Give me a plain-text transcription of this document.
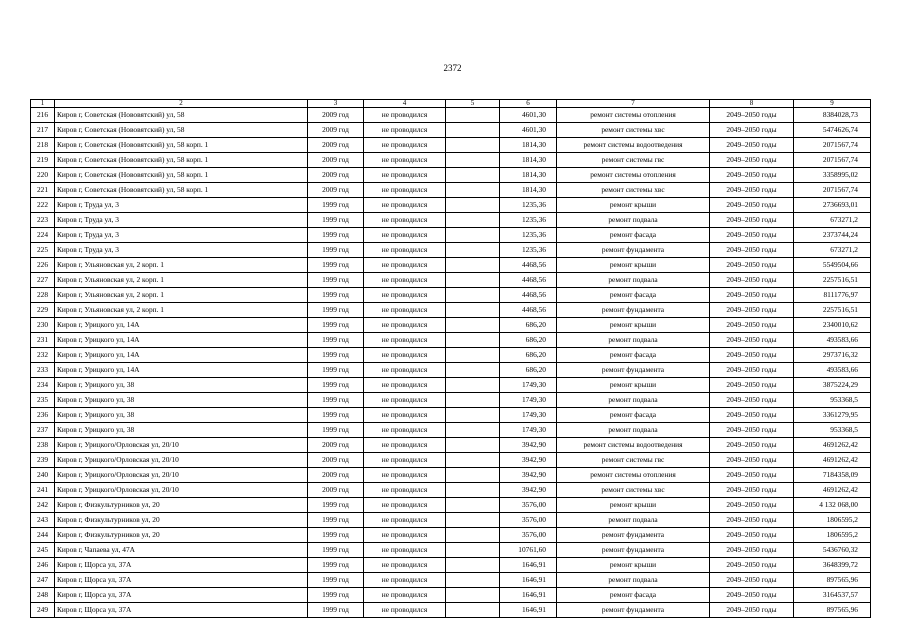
2372
1	2	3	4	5	6	7	8	9
216	Киров г, Советская (Нововятский) ул, 58	2009 год	не проводился		4601,30	ремонт системы отопления	2049–2050 годы	8384028,73
217	Киров г, Советская (Нововятский) ул, 58	2009 год	не проводился		4601,30	ремонт системы хвс	2049–2050 годы	5474626,74
218	Киров г, Советская (Нововятский) ул, 58 корп. 1	2009 год	не проводился		1814,30	ремонт системы водоотведения	2049–2050 годы	2071567,74
219	Киров г, Советская (Нововятский) ул, 58 корп. 1	2009 год	не проводился		1814,30	ремонт системы гвс	2049–2050 годы	2071567,74
220	Киров г, Советская (Нововятский) ул, 58 корп. 1	2009 год	не проводился		1814,30	ремонт системы отопления	2049–2050 годы	3358995,02
221	Киров г, Советская (Нововятский) ул, 58 корп. 1	2009 год	не проводился		1814,30	ремонт системы хвс	2049–2050 годы	2071567,74
222	Киров г, Труда ул, 3	1999 год	не проводился		1235,36	ремонт крыши	2049–2050 годы	2736693,01
223	Киров г, Труда ул, 3	1999 год	не проводился		1235,36	ремонт подвала	2049–2050 годы	673271,2
224	Киров г, Труда ул, 3	1999 год	не проводился		1235,36	ремонт фасада	2049–2050 годы	2373744,24
225	Киров г, Труда ул, 3	1999 год	не проводился		1235,36	ремонт фундамента	2049–2050 годы	673271,2
226	Киров г, Ульяновская ул, 2 корп. 1	1999 год	не проводился		4468,56	ремонт крыши	2049–2050 годы	5549504,66
227	Киров г, Ульяновская ул, 2 корп. 1	1999 год	не проводился		4468,56	ремонт подвала	2049–2050 годы	2257516,51
228	Киров г, Ульяновская ул, 2 корп. 1	1999 год	не проводился		4468,56	ремонт фасада	2049–2050 годы	8111776,97
229	Киров г, Ульяновская ул, 2 корп. 1	1999 год	не проводился		4468,56	ремонт фундамента	2049–2050 годы	2257516,51
230	Киров г, Урицкого ул, 14А	1999 год	не проводился		686,20	ремонт крыши	2049–2050 годы	2340010,62
231	Киров г, Урицкого ул, 14А	1999 год	не проводился		686,20	ремонт подвала	2049–2050 годы	493583,66
232	Киров г, Урицкого ул, 14А	1999 год	не проводился		686,20	ремонт фасада	2049–2050 годы	2973716,32
233	Киров г, Урицкого ул, 14А	1999 год	не проводился		686,20	ремонт фундамента	2049–2050 годы	493583,66
234	Киров г, Урицкого ул, 38	1999 год	не проводился		1749,30	ремонт крыши	2049–2050 годы	3875224,29
235	Киров г, Урицкого ул, 38	1999 год	не проводился		1749,30	ремонт подвала	2049–2050 годы	953368,5
236	Киров г, Урицкого ул, 38	1999 год	не проводился		1749,30	ремонт фасада	2049–2050 годы	3361279,95
237	Киров г, Урицкого ул, 38	1999 год	не проводился		1749,30	ремонт подвала	2049–2050 годы	953368,5
238	Киров г, Урицкого/Орловская ул, 20/10	2009 год	не проводился		3942,90	ремонт системы водоотведения	2049–2050 годы	4691262,42
239	Киров г, Урицкого/Орловская ул, 20/10	2009 год	не проводился		3942,90	ремонт системы гвс	2049–2050 годы	4691262,42
240	Киров г, Урицкого/Орловская ул, 20/10	2009 год	не проводился		3942,90	ремонт системы отопления	2049–2050 годы	7184358,09
241	Киров г, Урицкого/Орловская ул, 20/10	2009 год	не проводился		3942,90	ремонт системы хвс	2049–2050 годы	4691262,42
242	Киров г, Физкультурников ул, 20	1999 год	не проводился		3576,00	ремонт крыши	2049–2050 годы	4 132 068,00
243	Киров г, Физкультурников ул, 20	1999 год	не проводился		3576,00	ремонт подвала	2049–2050 годы	1806595,2
244	Киров г, Физкультурников ул, 20	1999 год	не проводился		3576,00	ремонт фундамента	2049–2050 годы	1806595,2
245	Киров г, Чапаева ул, 47А	1999 год	не проводился		10761,60	ремонт фундамента	2049–2050 годы	5436760,32
246	Киров г, Щорса ул, 37А	1999 год	не проводился		1646,91	ремонт крыши	2049–2050 годы	3648399,72
247	Киров г, Щорса ул, 37А	1999 год	не проводился		1646,91	ремонт подвала	2049–2050 годы	897565,96
248	Киров г, Щорса ул, 37А	1999 год	не проводился		1646,91	ремонт фасада	2049–2050 годы	3164537,57
249	Киров г, Щорса ул, 37А	1999 год	не проводился		1646,91	ремонт фундамента	2049–2050 годы	897565,96
